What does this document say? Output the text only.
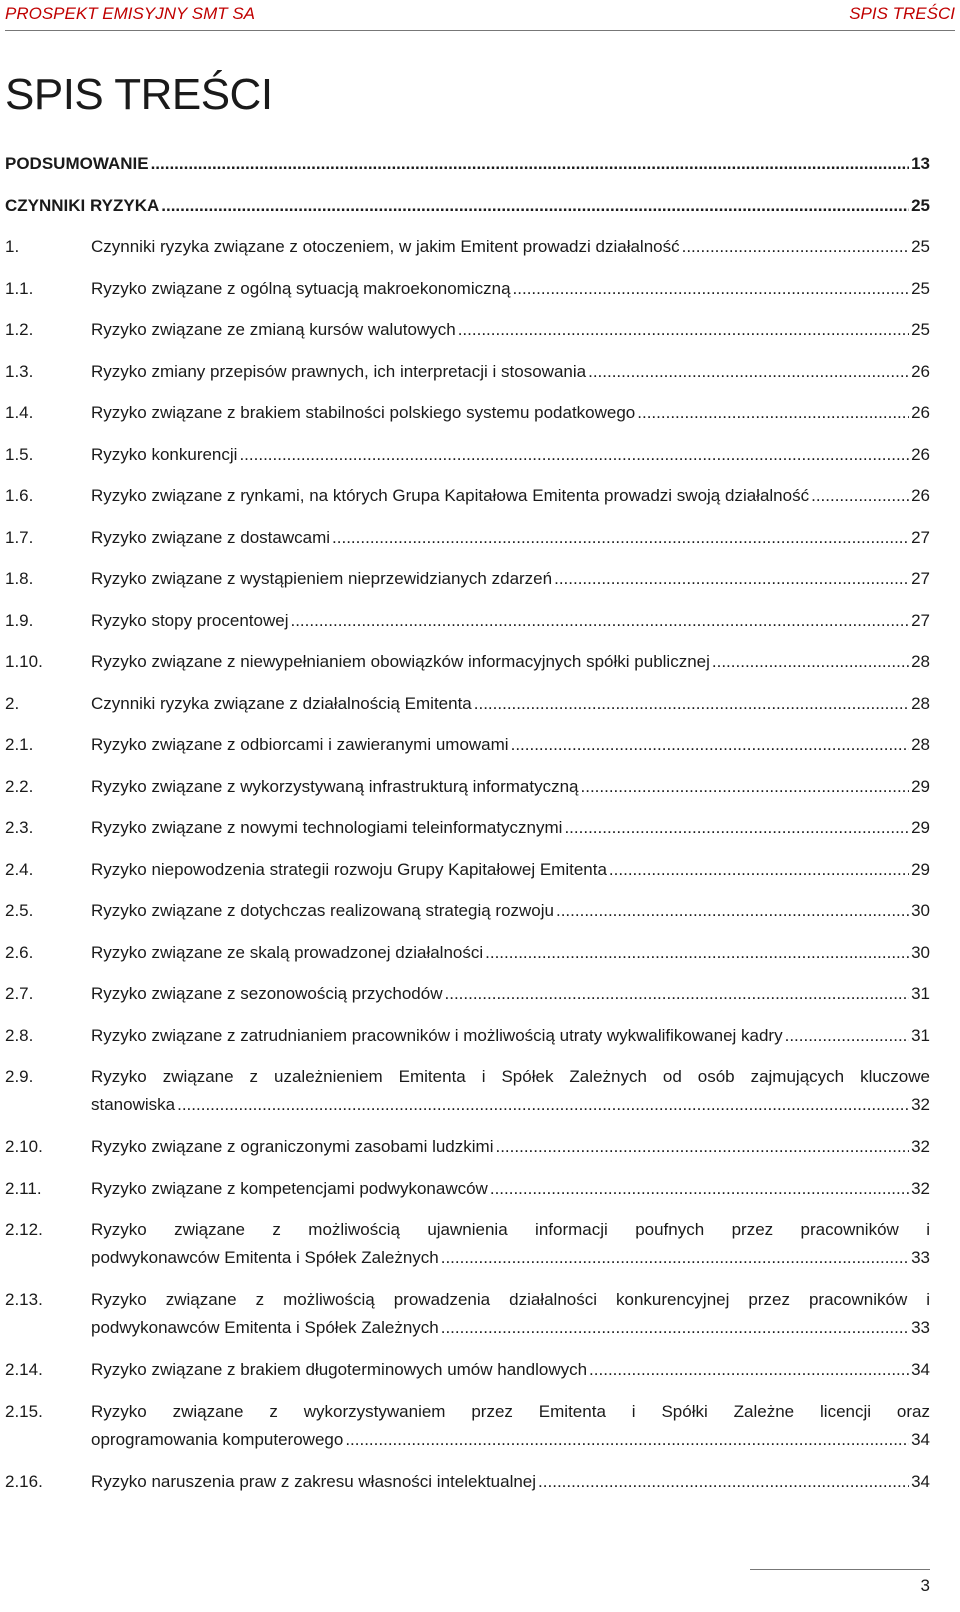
PROSPEKT EMISYJNY SMT SA	SPIS TREŚCI
SPIS TREŚCI
PODSUMOWANIE .....	13
CZYNNIKI RYZYKA .....	25
1.	Czynniki ryzyka związane z otoczeniem, w jakim Emitent prowadzi działalność .....	25
1.1.	Ryzyko związane z ogólną sytuacją makroekonomiczną .....	25
1.2.	Ryzyko związane ze zmianą kursów walutowych .....	25
1.3.	Ryzyko zmiany przepisów prawnych, ich interpretacji i stosowania .....	26
1.4.	Ryzyko związane z brakiem stabilności polskiego systemu podatkowego .....	26
1.5.	Ryzyko konkurencji .....	26
1.6.	Ryzyko związane z rynkami, na których Grupa Kapitałowa Emitenta prowadzi swoją działalność .....	26
1.7.	Ryzyko związane z dostawcami .....	27
1.8.	Ryzyko związane z wystąpieniem nieprzewidzianych zdarzeń .....	27
1.9.	Ryzyko stopy procentowej .....	27
1.10.	Ryzyko związane z niewypełnianiem obowiązków informacyjnych spółki publicznej .....	28
2.	Czynniki ryzyka związane z działalnością Emitenta .....	28
2.1.	Ryzyko związane z odbiorcami i zawieranymi umowami .....	28
2.2.	Ryzyko związane z wykorzystywaną infrastrukturą informatyczną .....	29
2.3.	Ryzyko związane z nowymi technologiami teleinformatycznymi .....	29
2.4.	Ryzyko niepowodzenia strategii rozwoju Grupy Kapitałowej Emitenta .....	29
2.5.	Ryzyko związane z dotychczas realizowaną strategią rozwoju .....	30
2.6.	Ryzyko związane ze skalą prowadzonej działalności .....	30
2.7.	Ryzyko związane z sezonowością przychodów .....	31
2.8.	Ryzyko związane z zatrudnianiem pracowników i możliwością utraty wykwalifikowanej kadry .....	31
2.9.	Ryzyko związane z uzależnieniem Emitenta i Spółek Zależnych od osób zajmujących kluczowe
stanowiska .....	32
2.10.	Ryzyko związane z ograniczonymi zasobami ludzkimi .....	32
2.11.	Ryzyko związane z kompetencjami podwykonawców .....	32
2.12.	Ryzyko związane z możliwością ujawnienia informacji poufnych przez pracowników i
podwykonawców Emitenta i Spółek Zależnych .....	33
2.13.	Ryzyko związane z możliwością prowadzenia działalności konkurencyjnej przez pracowników i
podwykonawców Emitenta i Spółek Zależnych .....	33
2.14.	Ryzyko związane z brakiem długoterminowych umów handlowych .....	34
2.15.	Ryzyko związane z wykorzystywaniem przez Emitenta i Spółki Zależne licencji oraz
oprogramowania komputerowego .....	34
2.16.	Ryzyko naruszenia praw z zakresu własności intelektualnej .....	34
3
